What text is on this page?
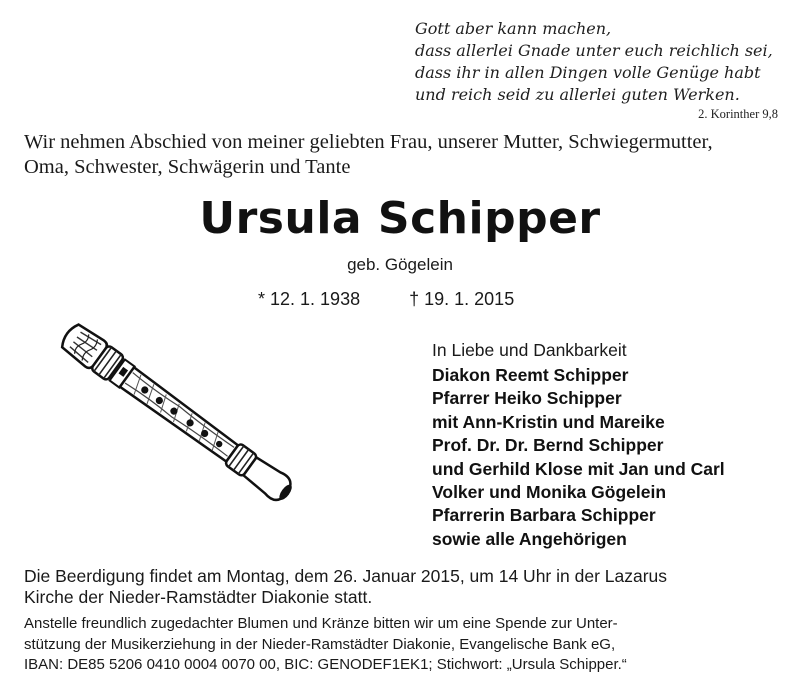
Gott aber kann machen,
dass allerlei Gnade unter euch reichlich sei,
dass ihr in allen Dingen volle Genüge habt
und reich seid zu allerlei guten Werken.
2. Korinther 9,8
Wir nehmen Abschied von meiner geliebten Frau, unserer Mutter, Schwiegermutter,
Oma, Schwester, Schwägerin und Tante
Ursula Schipper
geb. Gögelein
* 12. 1. 1938	† 19. 1. 2015
In Liebe und Dankbarkeit
Diakon Reemt Schipper
Pfarrer Heiko Schipper
mit Ann-Kristin und Mareike
Prof. Dr. Dr. Bernd Schipper
und Gerhild Klose mit Jan und Carl
Volker und Monika Gögelein
Pfarrerin Barbara Schipper
sowie alle Angehörigen
Die Beerdigung findet am Montag, dem 26. Januar 2015, um 14 Uhr in der Lazarus
Kirche der Nieder-Ramstädter Diakonie statt.
Anstelle freundlich zugedachter Blumen und Kränze bitten wir um eine Spende zur Unter-
stützung der Musikerziehung in der Nieder-Ramstädter Diakonie, Evangelische Bank eG,
IBAN: DE85 5206 0410 0004 0070 00, BIC: GENODEF1EK1; Stichwort: „Ursula Schipper.“
